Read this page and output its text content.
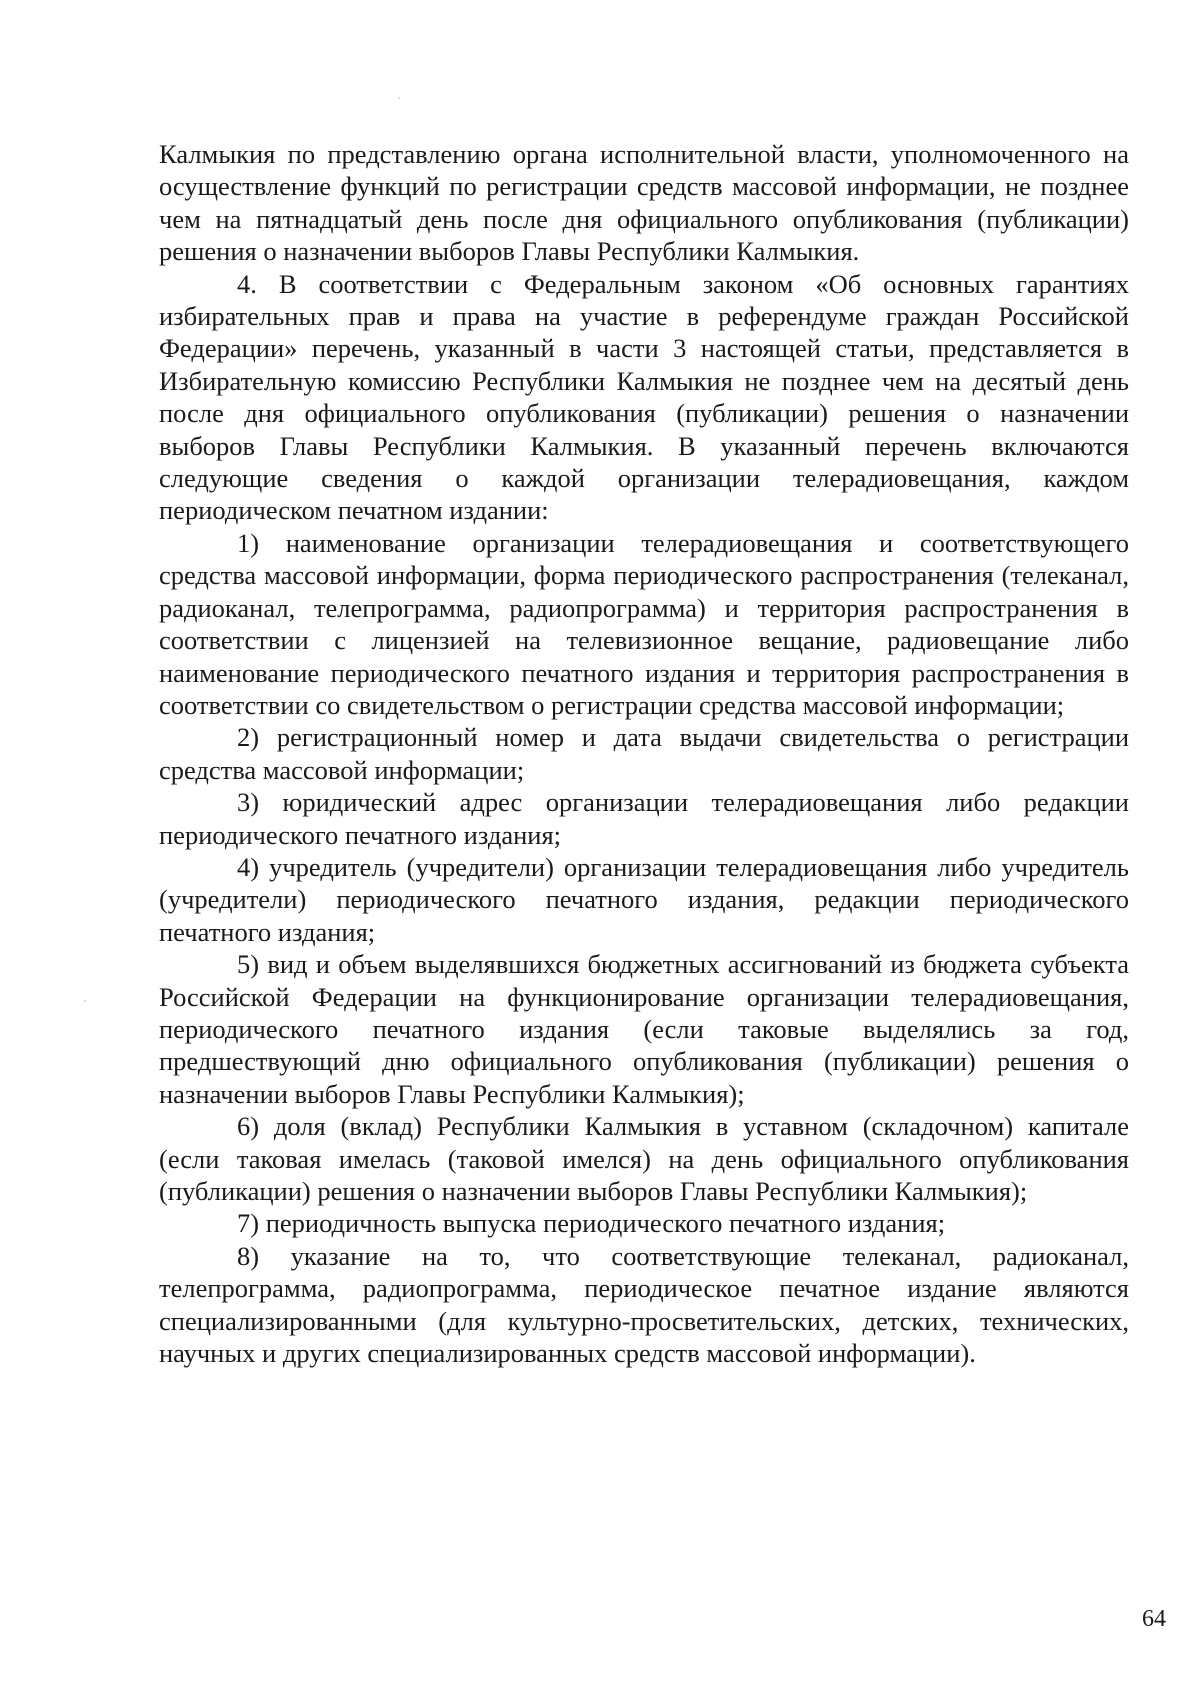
Калмыкия по представлению органа исполнительной власти, уполномоченного на осуществление функций по регистрации средств массовой информации, не позднее чем на пятнадцатый день после дня официального опубликования (публикации) решения о назначении выборов Главы Республики Калмыкия.

4. В соответствии с Федеральным законом «Об основных гарантиях избирательных прав и права на участие в референдуме граждан Российской Федерации» перечень, указанный в части 3 настоящей статьи, представляется в Избирательную комиссию Республики Калмыкия не позднее чем на десятый день после дня официального опубликования (публикации) решения о назначении выборов Главы Республики Калмыкия. В указанный перечень включаются следующие сведения о каждой организации телерадиовещания, каждом периодическом печатном издании:

1) наименование организации телерадиовещания и соответствующего средства массовой информации, форма периодического распространения (телеканал, радиоканал, телепрограмма, радиопрограмма) и территория распространения в соответствии с лицензией на телевизионное вещание, радиовещание либо наименование периодического печатного издания и территория распространения в соответствии со свидетельством о регистрации средства массовой информации;

2) регистрационный номер и дата выдачи свидетельства о регистрации средства массовой информации;

3) юридический адрес организации телерадиовещания либо редакции периодического печатного издания;

4) учредитель (учредители) организации телерадиовещания либо учредитель (учредители) периодического печатного издания, редакции периодического печатного издания;

5) вид и объем выделявшихся бюджетных ассигнований из бюджета субъекта Российской Федерации на функционирование организации телерадиовещания, периодического печатного издания (если таковые выделялись за год, предшествующий дню официального опубликования (публикации) решения о назначении выборов Главы Республики Калмыкия);

6) доля (вклад) Республики Калмыкия в уставном (складочном) капитале (если таковая имелась (таковой имелся) на день официального опубликования (публикации) решения о назначении выборов Главы Республики Калмыкия);

7) периодичность выпуска периодического печатного издания;

8) указание на то, что соответствующие телеканал, радиоканал, телепрограмма, радиопрограмма, периодическое печатное издание являются специализированными (для культурно-просветительских, детских, технических, научных и других специализированных средств массовой информации).

64
